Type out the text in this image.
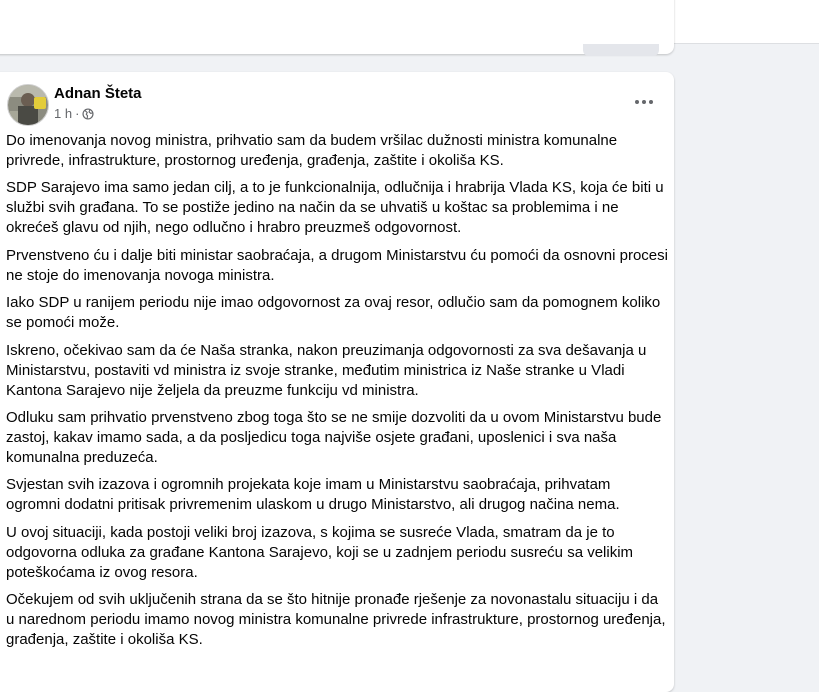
Adnan Šteta
1 h ·

Do imenovanja novog ministra, prihvatio sam da budem vršilac dužnosti ministra komunalne privrede, infrastrukture, prostornog uređenja, građenja, zaštite i okoliša KS.

SDP Sarajevo ima samo jedan cilj, a to je funkcionalnija, odlučnija i hrabrija Vlada KS, koja će biti u službi svih građana. To se postiže jedino na način da se uhvatiš u koštac sa problemima i ne okrećeš glavu od njih, nego odlučno i hrabro preuzmeš odgovornost.

Prvenstveno ću i dalje biti ministar saobraćaja, a drugom Ministarstvu ću pomoći da osnovni procesi ne stoje do imenovanja novoga ministra.

Iako SDP u ranijem periodu nije imao odgovornost za ovaj resor, odlučio sam da pomognem koliko se pomoći može.

Iskreno, očekivao sam da će Naša stranka, nakon preuzimanja odgovornosti za sva dešavanja u Ministarstvu, postaviti vd ministra iz svoje stranke, međutim ministrica iz Naše stranke u Vladi Kantona Sarajevo nije željela da preuzme funkciju vd ministra.

Odluku sam prihvatio prvenstveno zbog toga što se ne smije dozvoliti da u ovom Ministarstvu bude zastoj, kakav imamo sada, a da posljedicu toga najviše osjete građani, uposlenici i sva naša komunalna preduzeća.

Svjestan svih izazova i ogromnih projekata koje imam u Ministarstvu saobraćaja, prihvatam ogromni dodatni pritisak privremenim ulaskom u drugo Ministarstvo, ali drugog načina nema.

U ovoj situaciji, kada postoji veliki broj izazova, s kojima se susreće Vlada, smatram da je to odgovorna odluka za građane Kantona Sarajevo, koji se u zadnjem periodu susreću sa velikim poteškoćama iz ovog resora.

Očekujem od svih uključenih strana da se što hitnije pronađe rješenje za novonastalu situaciju i da u narednom periodu imamo novog ministra komunalne privrede infrastrukture, prostornog uređenja, građenja, zaštite i okoliša KS.
